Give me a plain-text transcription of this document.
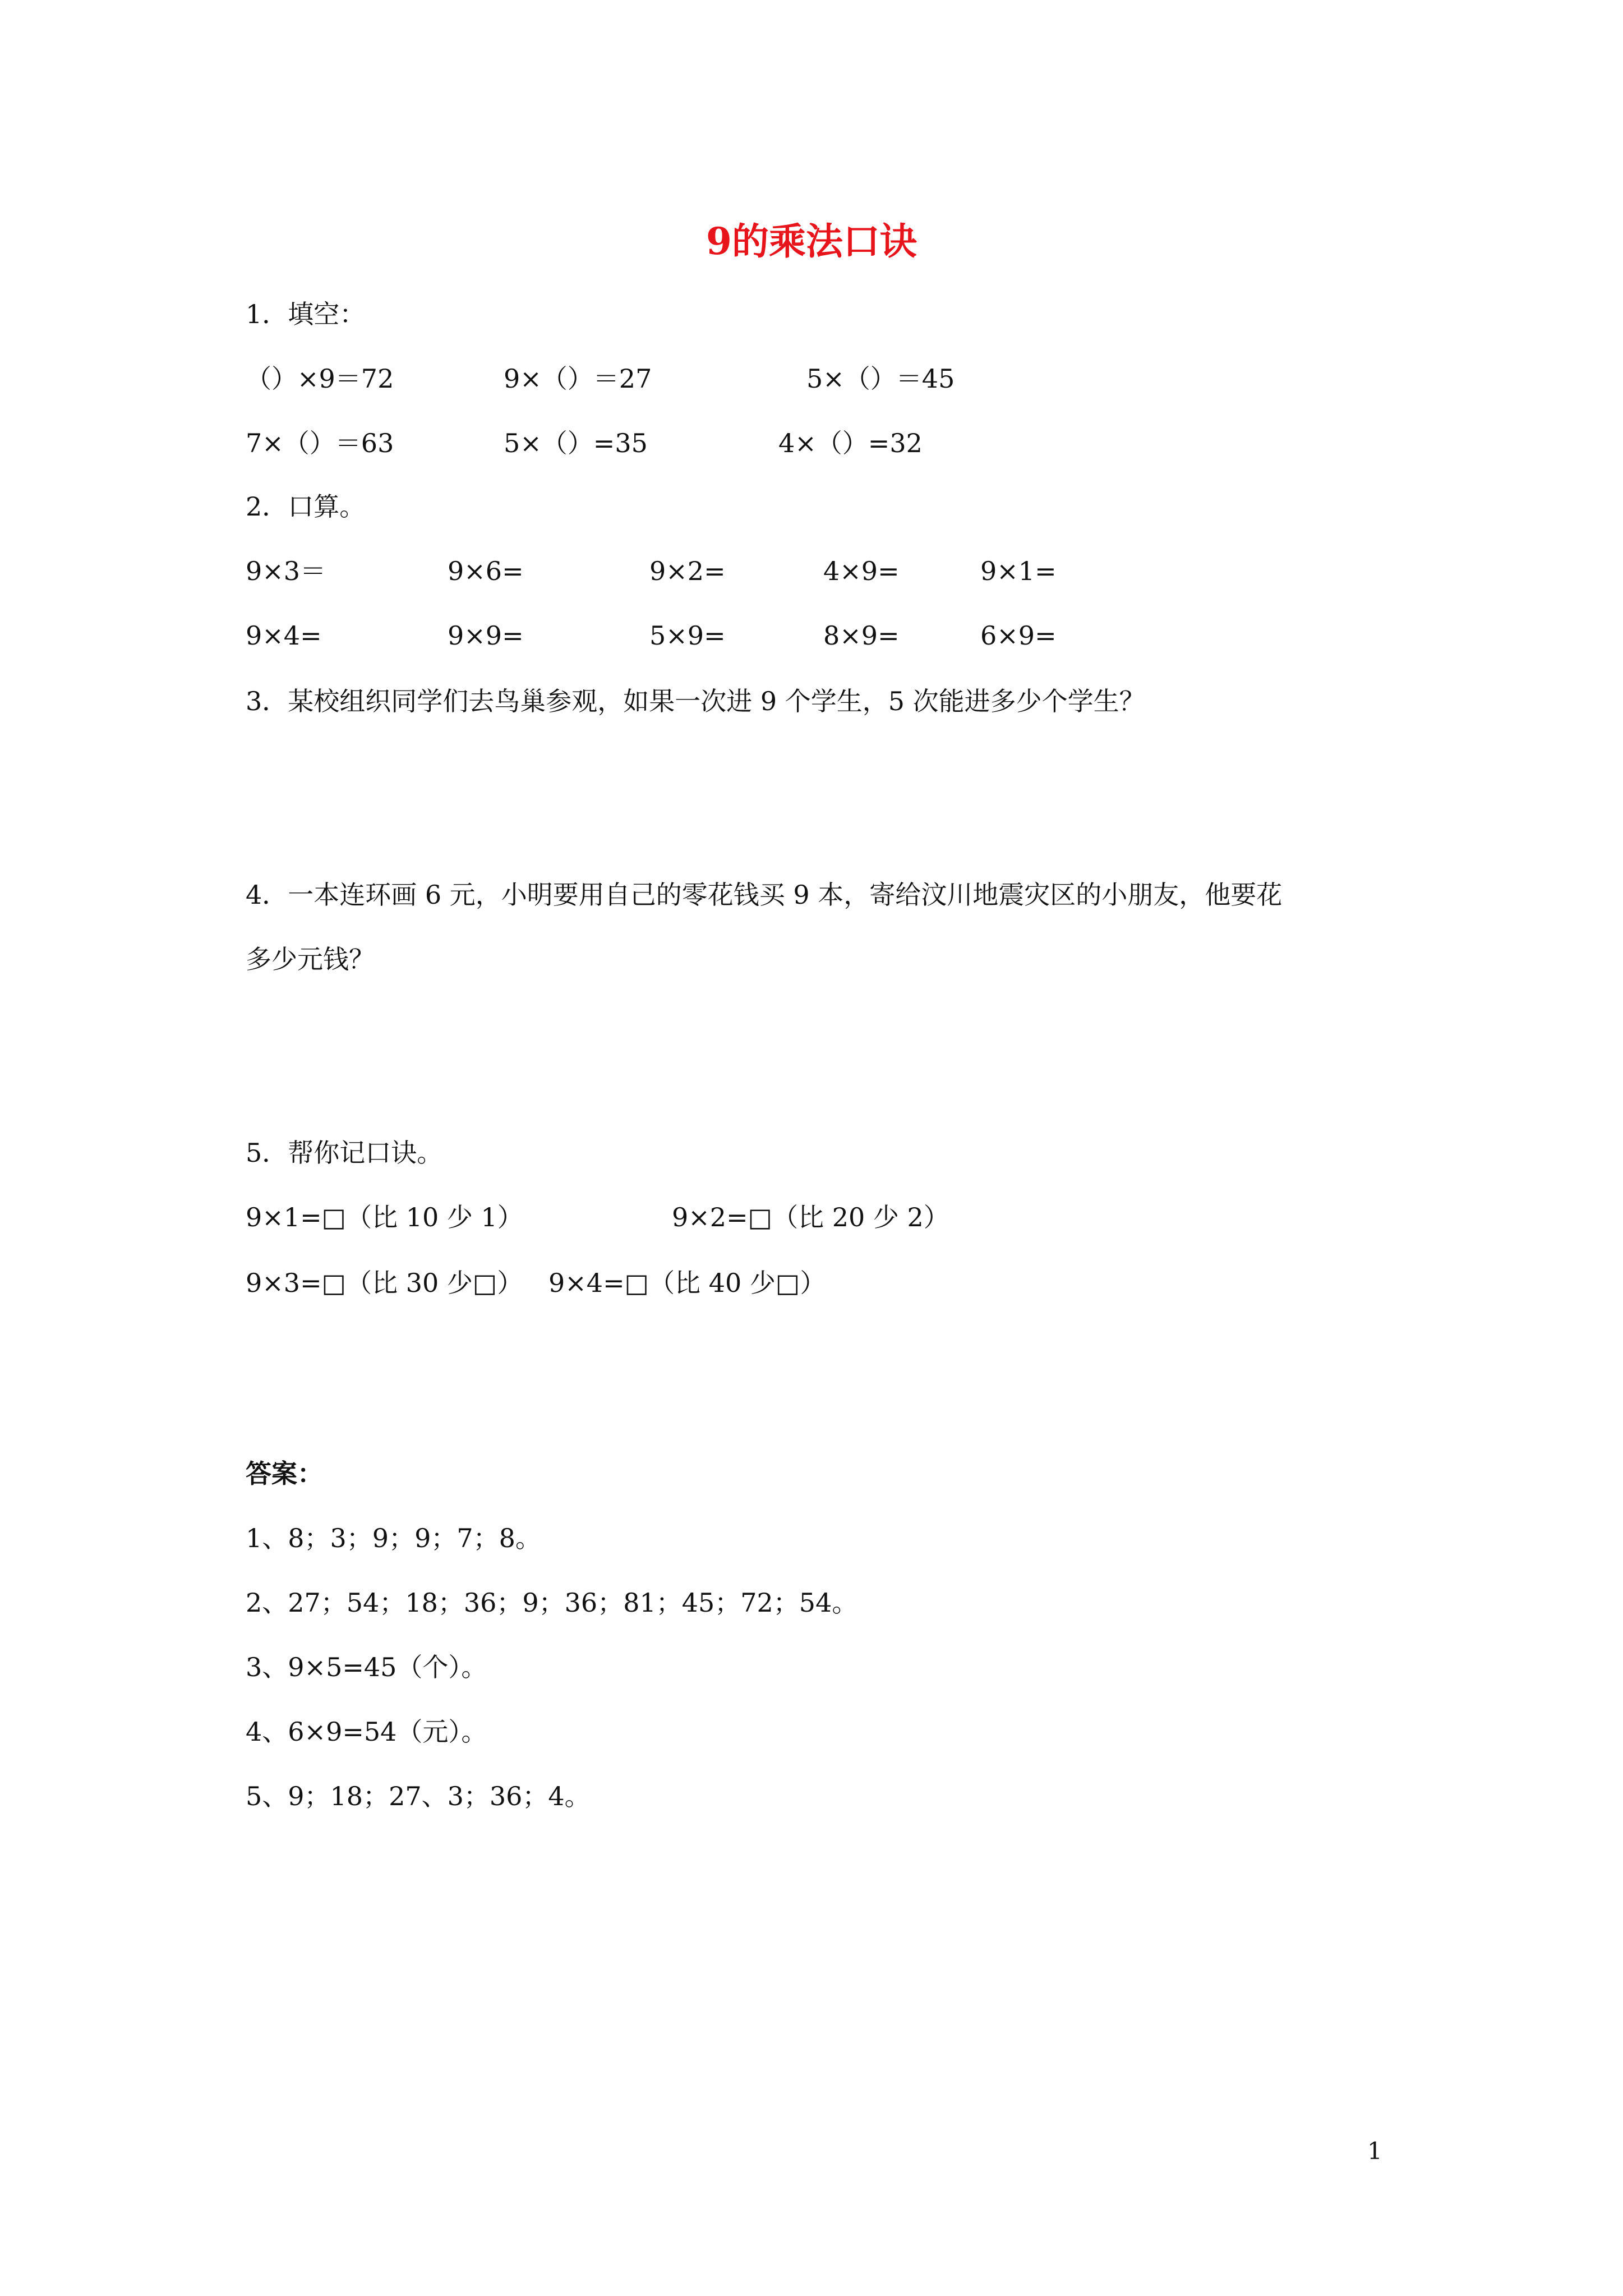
9的乘法口诀
1．填空：
（）×9＝72	9×（）＝27	5×（）＝45
7×（）＝63	5×（）=35	4×（）=32
2．口算。
9×3＝	9×6=	9×2=	4×9=	9×1=
9×4=	9×9=	5×9=	8×9=	6×9=
3．某校组织同学们去鸟巢参观，如果一次进 9 个学生，5 次能进多少个学生？
4．一本连环画 6 元，小明要用自己的零花钱买 9 本，寄给汶川地震灾区的小朋友，他要花
多少元钱？
5．帮你记口诀。
9×1=□（比 10 少 1）	9×2=□（比 20 少 2）
9×3=□（比 30 少□） 9×4=□（比 40 少□）
答案：
1、8；3；9；9；7；8。
2、27；54；18；36；9；36；81；45；72；54。
3、9×5=45（个）。
4、6×9=54（元）。
5、9；18；27、3；36；4。
1
